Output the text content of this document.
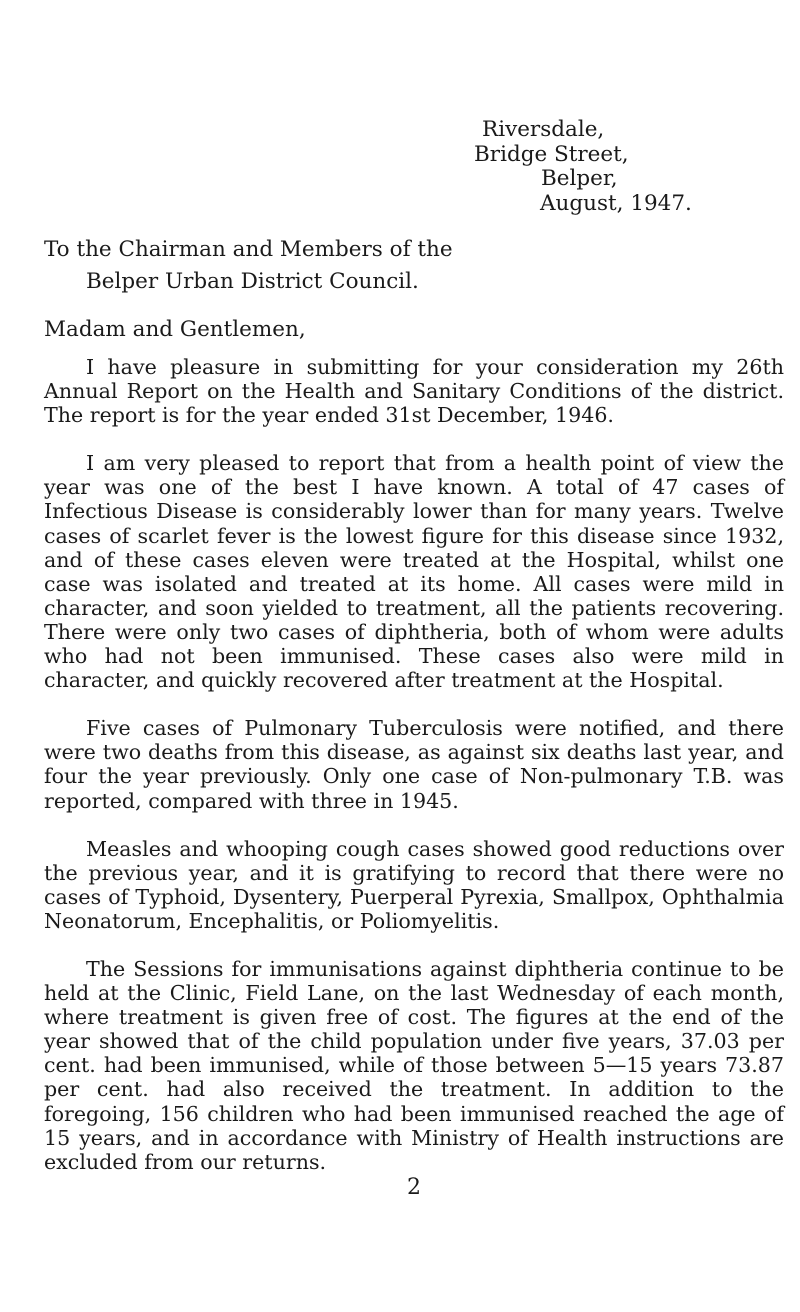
Riversdale,
Bridge Street,
Belper,
August, 1947.
To the Chairman and Members of the
Belper Urban District Council.
Madam and Gentlemen,

I have pleasure in submitting for your consideration my 26th Annual Report on the Health and Sanitary Conditions of the district. The report is for the year ended 31st December, 1946.

I am very pleased to report that from a health point of view the year was one of the best I have known. A total of 47 cases of Infectious Disease is considerably lower than for many years. Twelve cases of scarlet fever is the lowest figure for this disease since 1932, and of these cases eleven were treated at the Hospital, whilst one case was isolated and treated at its home. All cases were mild in character, and soon yielded to treatment, all the patients recovering. There were only two cases of diphtheria, both of whom were adults who had not been immunised. These cases also were mild in character, and quickly recovered after treatment at the Hospital.

Five cases of Pulmonary Tuberculosis were notified, and there were two deaths from this disease, as against six deaths last year, and four the year previously. Only one case of Non-pulmonary T.B. was reported, compared with three in 1945.

Measles and whooping cough cases showed good reductions over the previous year, and it is gratifying to record that there were no cases of Typhoid, Dysentery, Puerperal Pyrexia, Smallpox, Ophthalmia Neonatorum, Encephalitis, or Poliomyelitis.

The Sessions for immunisations against diphtheria continue to be held at the Clinic, Field Lane, on the last Wednesday of each month, where treatment is given free of cost. The figures at the end of the year showed that of the child population under five years, 37.03 per cent. had been immunised, while of those between 5—15 years 73.87 per cent. had also received the treatment. In addition to the foregoing, 156 children who had been immunised reached the age of 15 years, and in accordance with Ministry of Health instructions are excluded from our returns.

2
